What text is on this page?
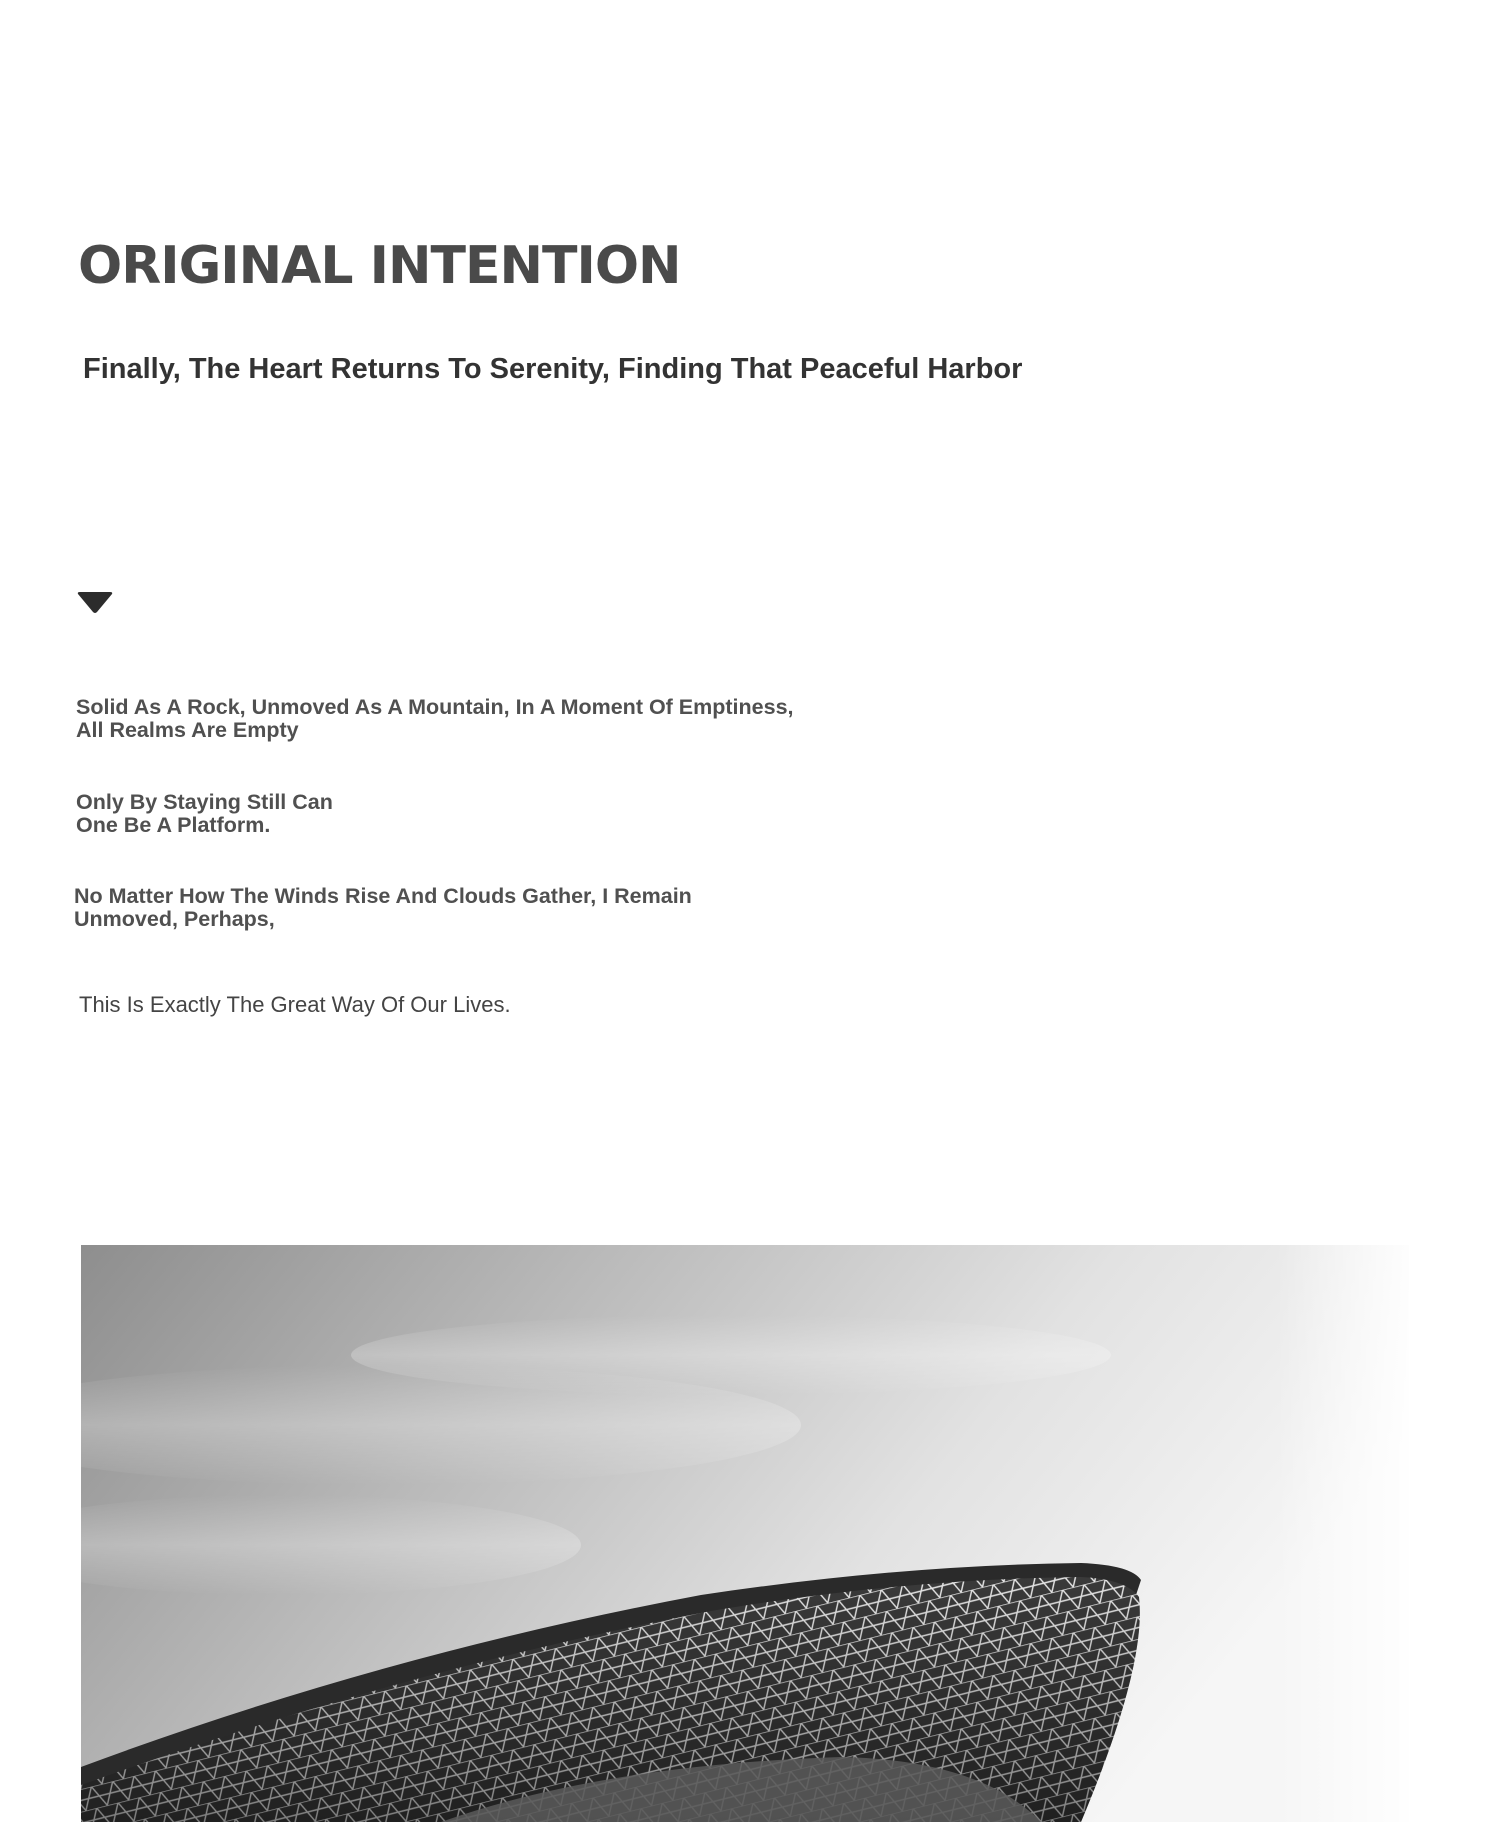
ORIGINAL INTENTION
Finally, The Heart Returns To Serenity, Finding That Peaceful Harbor

Solid As A Rock, Unmoved As A Mountain, In A Moment Of Emptiness,
All Realms Are Empty

Only By Staying Still Can
One Be A Platform.

No Matter How The Winds Rise And Clouds Gather, I Remain
Unmoved, Perhaps,

This Is Exactly The Great Way Of Our Lives.
